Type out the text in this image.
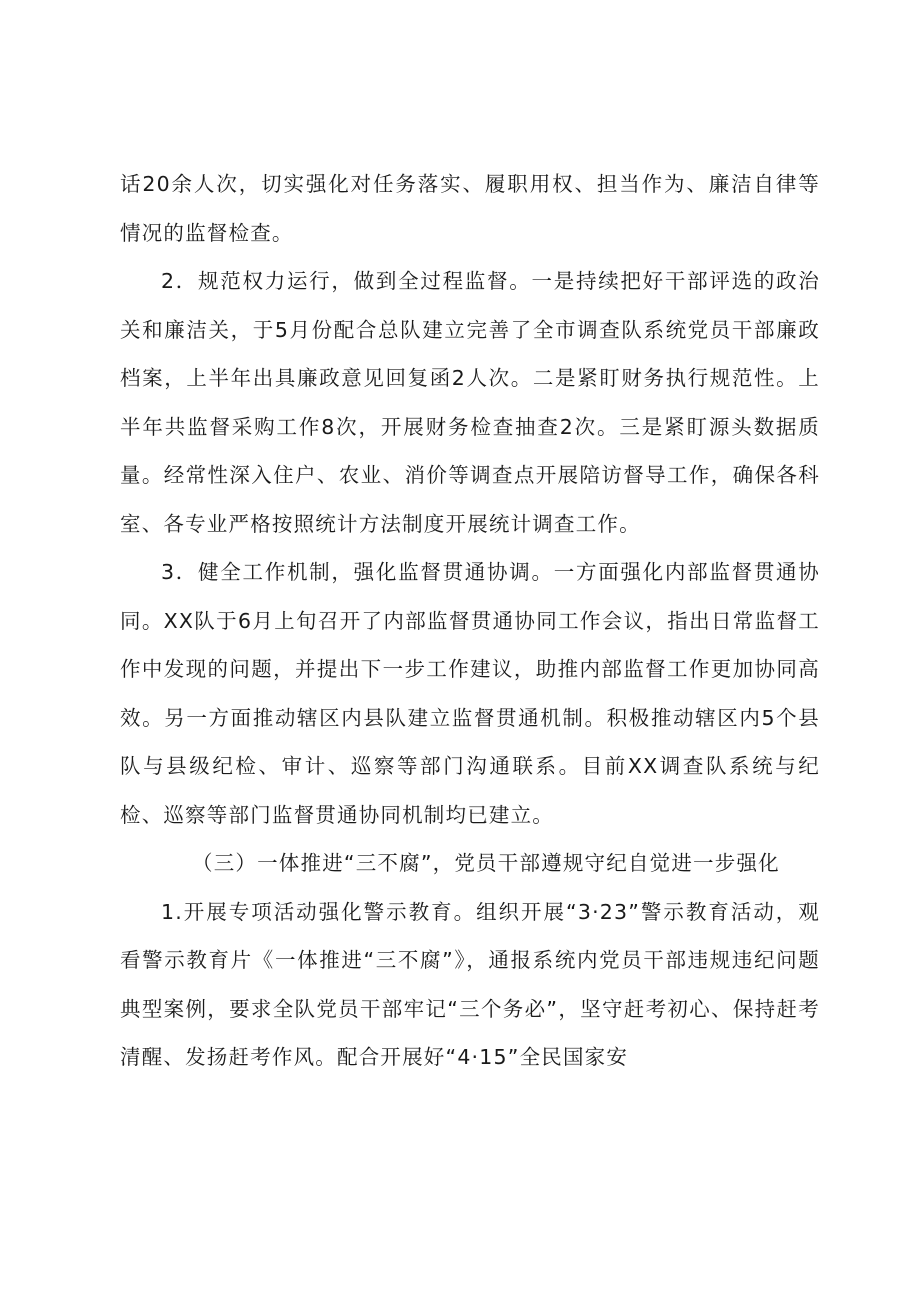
话20余人次，切实强化对任务落实、履职用权、担当作为、廉洁自律等情况的监督检查。

2．规范权力运行，做到全过程监督。一是持续把好干部评选的政治关和廉洁关，于5月份配合总队建立完善了全市调查队系统党员干部廉政档案，上半年出具廉政意见回复函2人次。二是紧盯财务执行规范性。上半年共监督采购工作8次，开展财务检查抽查2次。三是紧盯源头数据质量。经常性深入住户、农业、消价等调查点开展陪访督导工作，确保各科室、各专业严格按照统计方法制度开展统计调查工作。

3．健全工作机制，强化监督贯通协调。一方面强化内部监督贯通协同。XX队于6月上旬召开了内部监督贯通协同工作会议，指出日常监督工作中发现的问题，并提出下一步工作建议，助推内部监督工作更加协同高效。另一方面推动辖区内县队建立监督贯通机制。积极推动辖区内5个县队与县级纪检、审计、巡察等部门沟通联系。目前XX调查队系统与纪检、巡察等部门监督贯通协同机制均已建立。

（三）一体推进“三不腐”，党员干部遵规守纪自觉进一步强化

1.开展专项活动强化警示教育。组织开展“3·23”警示教育活动，观看警示教育片《一体推进“三不腐”》，通报系统内党员干部违规违纪问题典型案例，要求全队党员干部牢记“三个务必”，坚守赶考初心、保持赶考清醒、发扬赶考作风。配合开展好“4·15”全民国家安
